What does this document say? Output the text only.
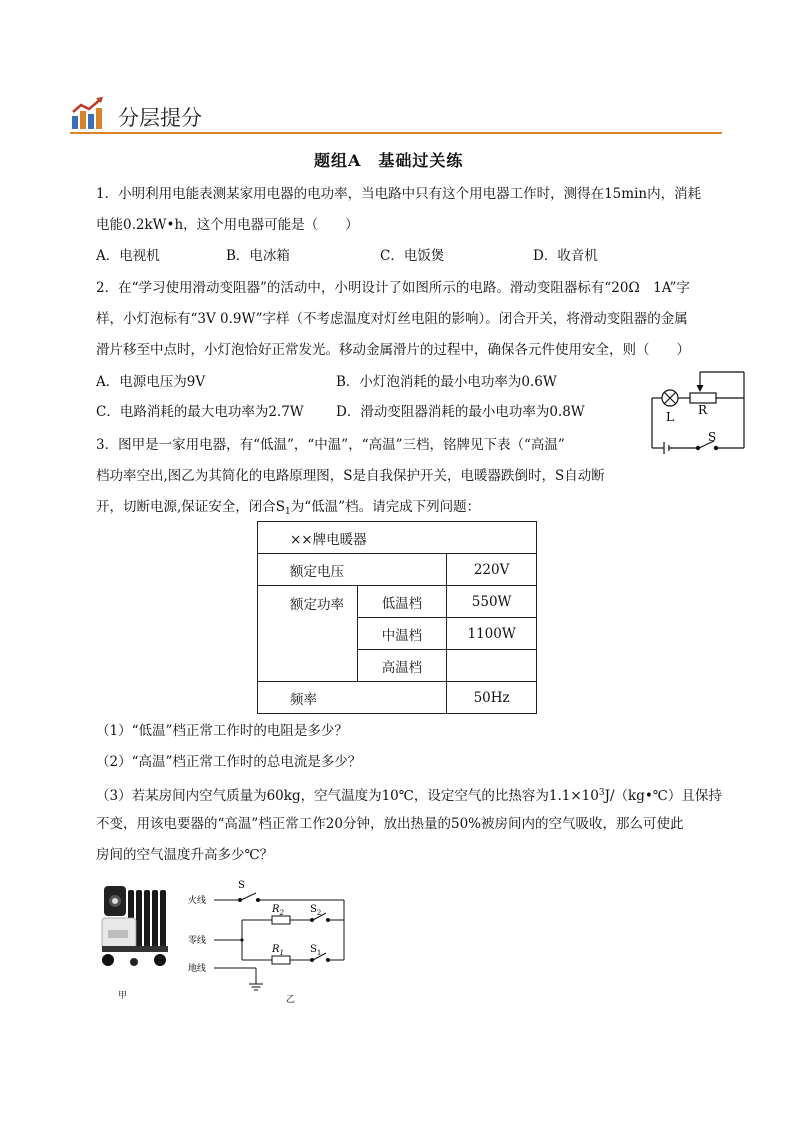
分层提分
题组A　基础过关练
1．小明利用电能表测某家用电器的电功率，当电路中只有这个用电器工作时，测得在15min内，消耗
电能0.2kW•h，这个用电器可能是（　　）
A．电视机	B．电冰箱	C．电饭煲	D．收音机
2．在“学习使用滑动变阻器”的活动中，小明设计了如图所示的电路。滑动变阻器标有“20Ω　1A”字
样，小灯泡标有“3V 0.9W”字样（不考虑温度对灯丝电阻的影响）。闭合开关，将滑动变阻器的金属
滑片移至中点时，小灯泡恰好正常发光。移动金属滑片的过程中，确保各元件使用安全，则（　　）
A．电源电压为9V	B．小灯泡消耗的最小电功率为0.6W
C．电路消耗的最大电功率为2.7W D．滑动变阻器消耗的最小电功率为0.8W	L R
S
3．图甲是一家用电器，有“低温”，“中温”，“高温”三档，铭牌见下表（“高温”
档功率空出,图乙为其简化的电路原理图，S是自我保护开关，电暖器跌倒时，S自动断
开，切断电源,保证安全，闭合$S_1$为“低温”档。请完成下列问题：
××牌电暖器		
额定电压		220V
额定功率	低温档	550W
	中温档	1100W
	高温档	
频率		50Hz
（1）“低温”档正常工作时的电阻是多少？
（2）“高温”档正常工作时的总电流是多少？
（3）若某房间内空气质量为60kg，空气温度为10℃，设定空气的比热容为$1.1\times 10^3J/(kg•℃)$且保持
不变，用该电要器的“高温”档正常工作20分钟，放出热量的50%被房间内的空气吸收，那么可使此
房间的空气温度升高多少℃？
甲
火线
零线
地线
S
$R_2$	$S_2$
$R_1$	$S_1$
乙
